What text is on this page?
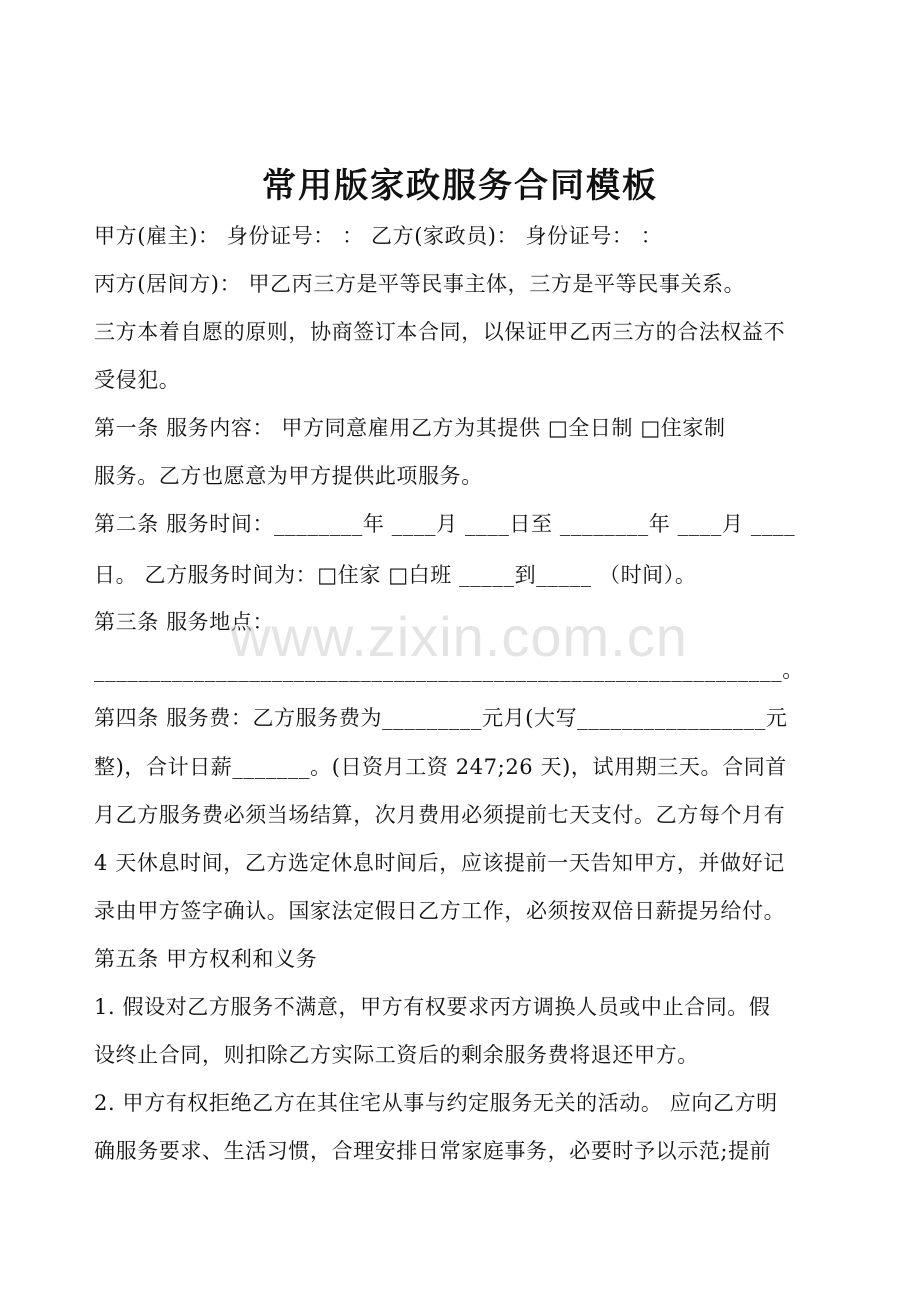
常用版家政服务合同模板
甲方(雇主)： 身份证号： ： 乙方(家政员)： 身份证号： ：
丙方(居间方)： 甲乙丙三方是平等民事主体，三方是平等民事关系。
三方本着自愿的原则，协商签订本合同，以保证甲乙丙三方的合法权益不
受侵犯。
第一条 服务内容： 甲方同意雇用乙方为其提供 □全日制 □住家制
服务。乙方也愿意为甲方提供此项服务。
第二条 服务时间：________年 ____月 ____日至 ________年 ____月 ____
日。 乙方服务时间为：□住家 □白班 _____到_____ （时间）。
第三条 服务地点：
______________________________________________________________。
第四条 服务费：乙方服务费为_________元月(大写_________________元
整)，合计日薪_______。(日资月工资 247;26 天)，试用期三天。合同首
月乙方服务费必须当场结算，次月费用必须提前七天支付。乙方每个月有
4 天休息时间，乙方选定休息时间后，应该提前一天告知甲方，并做好记
录由甲方签字确认。国家法定假日乙方工作，必须按双倍日薪提另给付。
第五条 甲方权利和义务
1. 假设对乙方服务不满意，甲方有权要求丙方调换人员或中止合同。假
设终止合同，则扣除乙方实际工资后的剩余服务费将退还甲方。
2. 甲方有权拒绝乙方在其住宅从事与约定服务无关的活动。 应向乙方明
确服务要求、生活习惯，合理安排日常家庭事务，必要时予以示范;提前
www.zixin.com.cn
